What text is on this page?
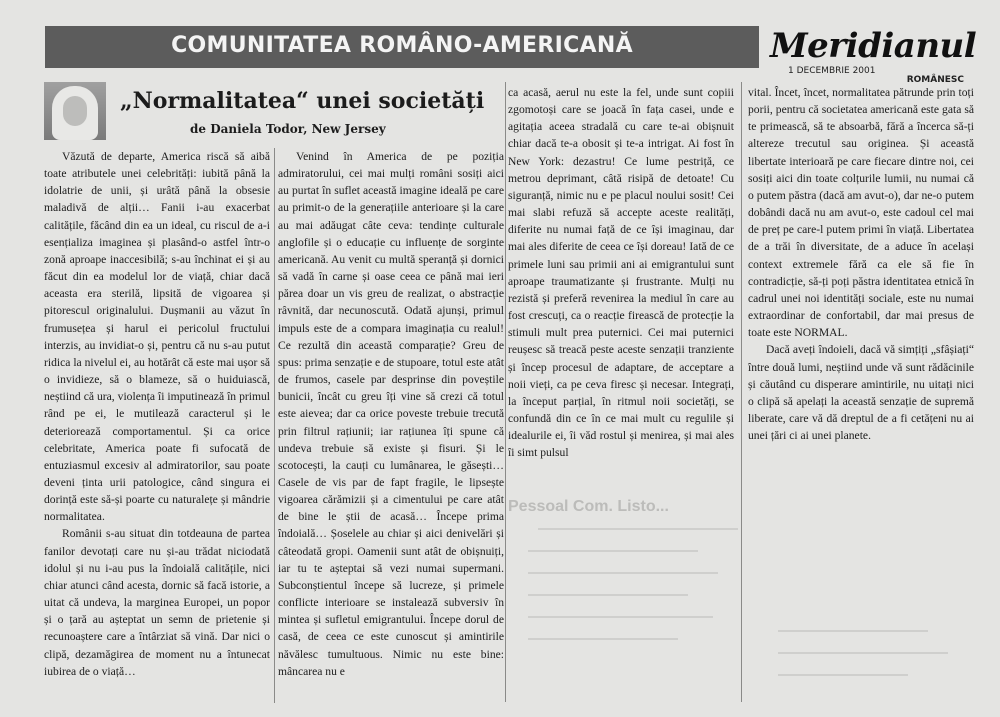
COMUNITATEA ROMÂNO-AMERICANĂ	Meridianul
1 DECEMBRIE 2001
ROMÂNESC
„Normalitatea“ unei societăți
de Daniela Todor, New Jersey

Văzută de departe, America riscă să aibă toate atributele unei celebrități: iubită până la idolatrie de unii, și urâtă până la obsesie maladivă de alții… Fanii i-au exacerbat calitățile, făcând din ea un ideal, cu riscul de a-i esențializa imaginea și plasând-o astfel într-o zonă aproape inaccesibilă; s-au închinat ei și au făcut din ea modelul lor de viață, chiar dacă aceasta era sterilă, lipsită de vigoarea și pitorescul originalului. Dușmanii au văzut în frumusețea și harul ei pericolul fructului interzis, au invidiat-o și, pentru că nu s-au putut ridica la nivelul ei, au hotărât că este mai ușor să o invidieze, să o blameze, să o huiduiască, neștiind că ura, violența îi imputinează în primul rând pe ei, le mutilează caracterul și le deteriorează comportamentul. Și ca orice celebritate, America poate fi sufocată de entuziasmul excesiv al admiratorilor, sau poate deveni ținta urii patologice, când singura ei dorință este să-și poarte cu naturalețe și mândrie normalitatea.

Românii s-au situat din totdeauna de partea fanilor devotați care nu și-au trădat niciodată idolul și nu i-au pus la îndoială calitățile, nici chiar atunci când acesta, dornic să facă istorie, a uitat că undeva, la marginea Europei, un popor și o țară au așteptat un semn de prietenie și recunoaștere care a întârziat să vină. Dar nici o clipă, dezamăgirea de moment nu a întunecat iubirea de o viață…

Venind în America de pe poziția admiratorului, cei mai mulți români sosiți aici au purtat în suflet această imagine ideală pe care au primit-o de la generațiile anterioare și la care au mai adăugat câte ceva: tendințe culturale anglofile și o educație cu influențe de sorginte americană. Au venit cu multă speranță și dornici să vadă în carne și oase ceea ce până mai ieri părea doar un vis greu de realizat, o abstracție râvnită, dar necunoscută. Odată ajunși, primul impuls este de a compara imaginația cu realul! Ce rezultă din această comparație? Greu de spus: prima senzație e de stupoare, totul este atât de frumos, casele par desprinse din poveștile bunicii, încât cu greu îți vine să crezi că totul este aievea; dar ca orice poveste trebuie trecută prin filtrul rațiunii; iar rațiunea îți spune că undeva trebuie să existe și fisuri. Și le scotocești, la cauți cu lumânarea, le găsești… Casele de vis par de fapt fragile, le lipsește vigoarea cărămizii și a cimentului pe care atât de bine le știi de acasă… Începe prima îndoială… Șoselele au chiar și aici denivelări și câteodată gropi. Oamenii sunt atât de obișnuiți, iar tu te așteptai să vezi numai supermani. Subconștientul începe să lucreze, și primele conflicte interioare se instalează subversiv în mintea și sufletul emigrantului. Începe dorul de casă, de ceea ce este cunoscut și amintirile năvălesc tumultuous. Nimic nu este bine: mâncarea nu e

ca acasă, aerul nu este la fel, unde sunt copiii zgomotoși care se joacă în fața casei, unde e agitația aceea stradală cu care te-ai obișnuit chiar dacă te-a obosit și te-a intrigat. Ai fost în New York: dezastru! Ce lume pestriță, ce metrou deprimant, câtă risipă de detoate! Cu siguranță, nimic nu e pe placul noului sosit! Cei mai slabi refuză să accepte aceste realități, diferite nu numai față de ce își imaginau, dar mai ales diferite de ceea ce își doreau! Iată de ce primele luni sau primii ani ai emigrantului sunt aproape traumatizante și frustrante. Mulți nu rezistă și preferă revenirea la mediul în care au fost crescuți, ca o reacție firească de protecție la stimuli mult prea puternici. Cei mai puternici reușesc să treacă peste aceste senzații tranziente și încep procesul de adaptare, de acceptare a noii vieți, ca pe ceva firesc și necesar. Integrați, la început parțial, în ritmul noii societăți, se confundă din ce în ce mai mult cu regulile și idealurile ei, îi văd rostul și menirea, și mai ales îi simt pulsul

vital. Încet, încet, normalitatea pătrunde prin toți porii, pentru că societatea americană este gata să te primească, să te absoarbă, fără a încerca să-ți altereze trecutul sau originea. Și această libertate interioară pe care fiecare dintre noi, cei sosiți aici din toate colțurile lumii, nu numai că o putem păstra (dacă am avut-o), dar ne-o putem dobândi dacă nu am avut-o, este cadoul cel mai de preț pe care-l putem primi în viață. Libertatea de a trăi în diversitate, de a aduce în același context extremele fără ca ele să fie în contradicție, să-ți poți păstra identitatea etnică în cadrul unei noi identități sociale, este nu numai extraordinar de confortabil, dar mai presus de toate este NORMAL.

Dacă aveți îndoieli, dacă vă simțiți „sfâșiați“ între două lumi, neștiind unde vă sunt rădăcinile și căutând cu disperare amintirile, nu uitați nici o clipă să apelați la această senzație de supremă liberate, care vă dă dreptul de a fi cetățeni nu ai unei țări ci ai unei planete.

Pessoal Com. Listo...
